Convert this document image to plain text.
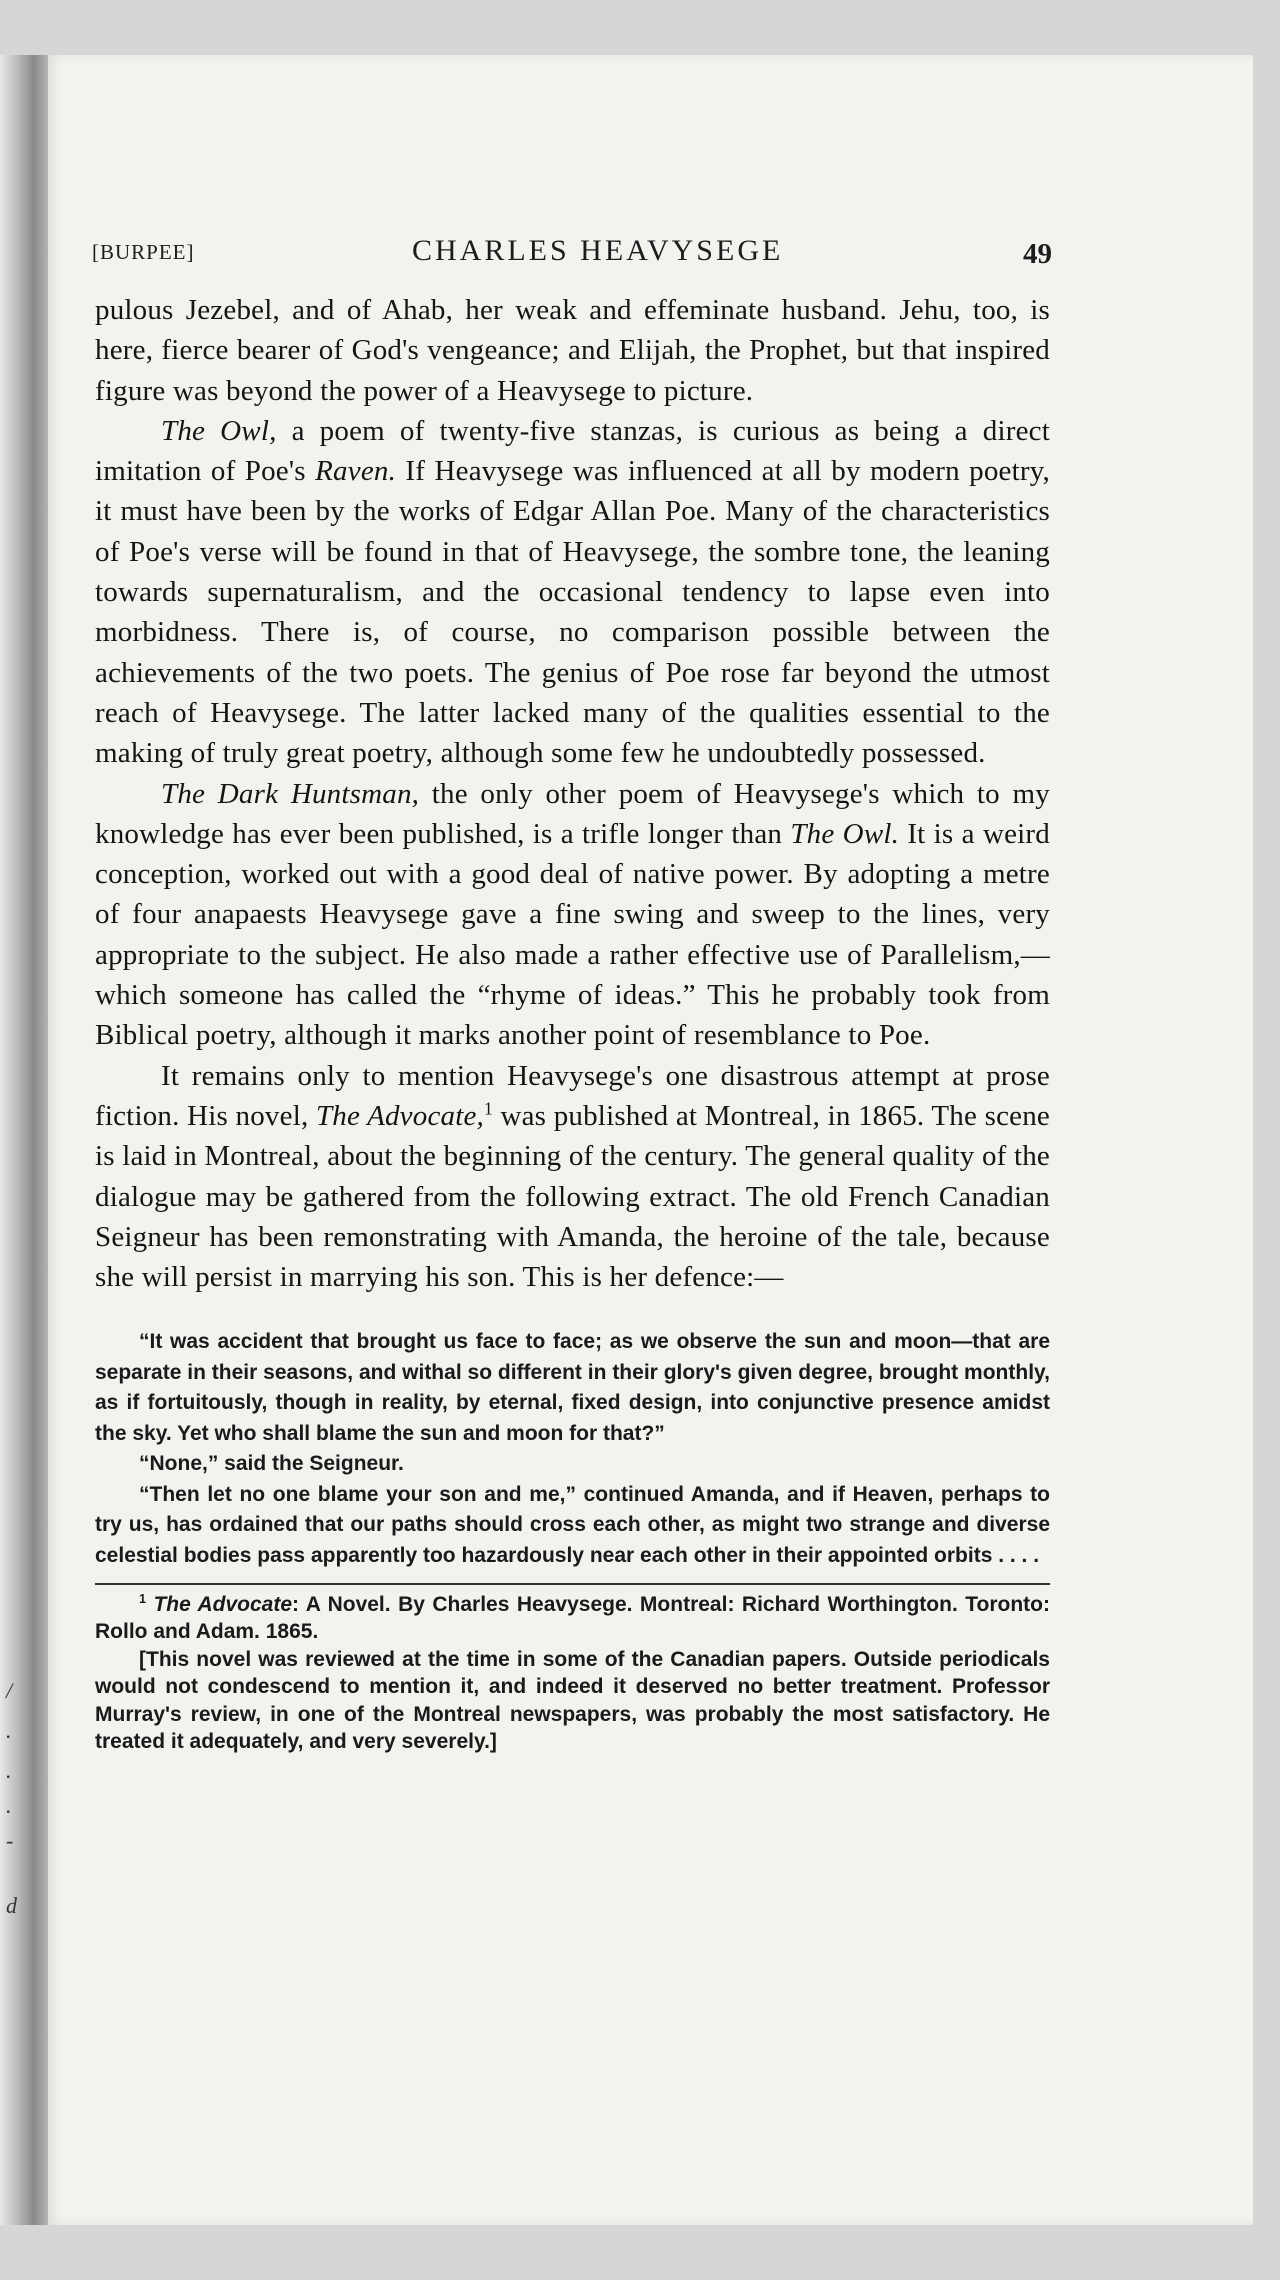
/
.
.
.
-
d
[BURPEE]	CHARLES HEAVYSEGE	49

pulous Jezebel, and of Ahab, her weak and effeminate husband. Jehu, too, is here, fierce bearer of God's vengeance; and Elijah, the Prophet, but that inspired figure was beyond the power of a Heavysege to picture.

The Owl, a poem of twenty-five stanzas, is curious as being a direct imitation of Poe's Raven. If Heavysege was influenced at all by modern poetry, it must have been by the works of Edgar Allan Poe. Many of the characteristics of Poe's verse will be found in that of Heavysege, the sombre tone, the leaning towards supernaturalism, and the occasional tendency to lapse even into morbidness. There is, of course, no comparison possible between the achievements of the two poets. The genius of Poe rose far beyond the utmost reach of Heavysege. The latter lacked many of the qualities essential to the making of truly great poetry, although some few he undoubtedly possessed.

The Dark Huntsman, the only other poem of Heavysege's which to my knowledge has ever been published, is a trifle longer than The Owl. It is a weird conception, worked out with a good deal of native power. By adopting a metre of four anapaests Heavysege gave a fine swing and sweep to the lines, very appropriate to the subject. He also made a rather effective use of Parallelism,—which someone has called the “rhyme of ideas.” This he probably took from Biblical poetry, although it marks another point of resemblance to Poe.

It remains only to mention Heavysege's one disastrous attempt at prose fiction. His novel, The Advocate,$^1$ was published at Montreal, in 1865. The scene is laid in Montreal, about the beginning of the century. The general quality of the dialogue may be gathered from the following extract. The old French Canadian Seigneur has been remonstrating with Amanda, the heroine of the tale, because she will persist in marrying his son. This is her defence:—

“It was accident that brought us face to face; as we observe the sun and moon—that are separate in their seasons, and withal so different in their glory's given degree, brought monthly, as if fortuitously, though in reality, by eternal, fixed design, into conjunctive presence amidst the sky. Yet who shall blame the sun and moon for that?”

“None,” said the Seigneur.

“Then let no one blame your son and me,” continued Amanda, and if Heaven, perhaps to try us, has ordained that our paths should cross each other, as might two strange and diverse celestial bodies pass apparently too hazardously near each other in their appointed orbits . . . .

$^1$ The Advocate: A Novel. By Charles Heavysege. Montreal: Richard Worthington. Toronto: Rollo and Adam. 1865.

[This novel was reviewed at the time in some of the Canadian papers. Outside periodicals would not condescend to mention it, and indeed it deserved no better treatment. Professor Murray's review, in one of the Montreal newspapers, was probably the most satisfactory. He treated it adequately, and very severely.]
